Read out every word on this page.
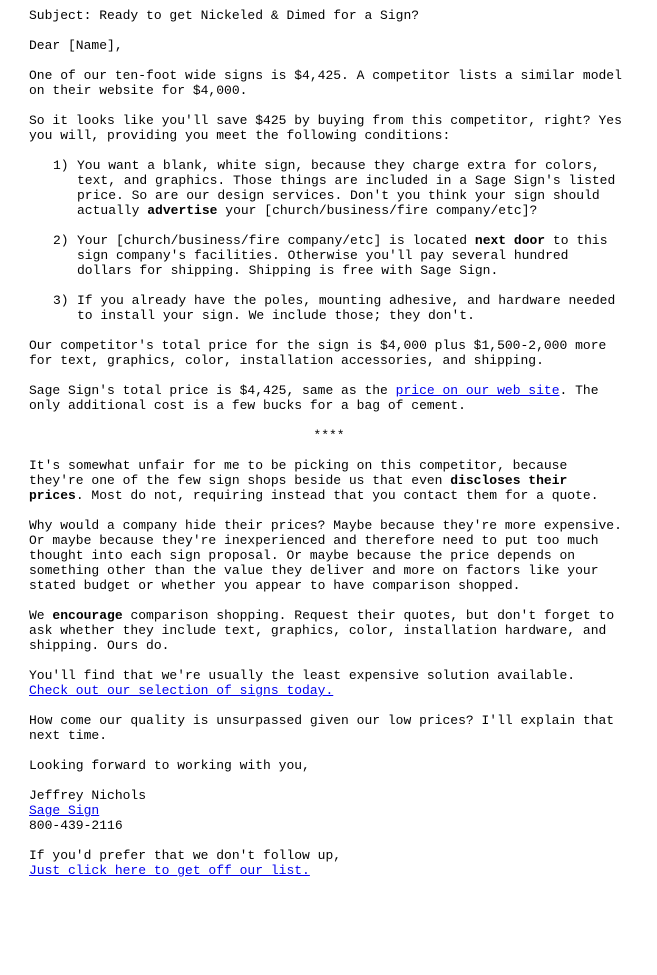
Subject: Ready to get Nickeled & Dimed for a Sign?

Dear [Name],

One of our ten-foot wide signs is $4,425. A competitor lists a similar model on their website for $4,000.

So it looks like you'll save $425 by buying from this competitor, right? Yes you will, providing you meet the following conditions:

1) You want a blank, white sign, because they charge extra for colors, text, and graphics. Those things are included in a Sage Sign's listed price. So are our design services. Don't you think your sign should actually advertise your [church/business/fire company/etc]?
2) Your [church/business/fire company/etc] is located next door to this sign company's facilities. Otherwise you'll pay several hundred dollars for shipping. Shipping is free with Sage Sign.
3) If you already have the poles, mounting adhesive, and hardware needed to install your sign. We include those; they don't.

Our competitor's total price for the sign is $4,000 plus $1,500-2,000 more for text, graphics, color, installation accessories, and shipping.

Sage Sign's total price is $4,425, same as the price on our web site. The only additional cost is a few bucks for a bag of cement.

****

It's somewhat unfair for me to be picking on this competitor, because they're one of the few sign shops beside us that even discloses their prices. Most do not, requiring instead that you contact them for a quote.

Why would a company hide their prices? Maybe because they're more expensive. Or maybe because they're inexperienced and therefore need to put too much thought into each sign proposal. Or maybe because the price depends on something other than the value they deliver and more on factors like your stated budget or whether you appear to have comparison shopped.

We encourage comparison shopping. Request their quotes, but don't forget to ask whether they include text, graphics, color, installation hardware, and shipping. Ours do.

You'll find that we're usually the least expensive solution available.
Check out our selection of signs today.

How come our quality is unsurpassed given our low prices? I'll explain that next time.

Looking forward to working with you,

Jeffrey Nichols

Sage Sign

800-439-2116

If you'd prefer that we don't follow up,
Just click here to get off our list.
